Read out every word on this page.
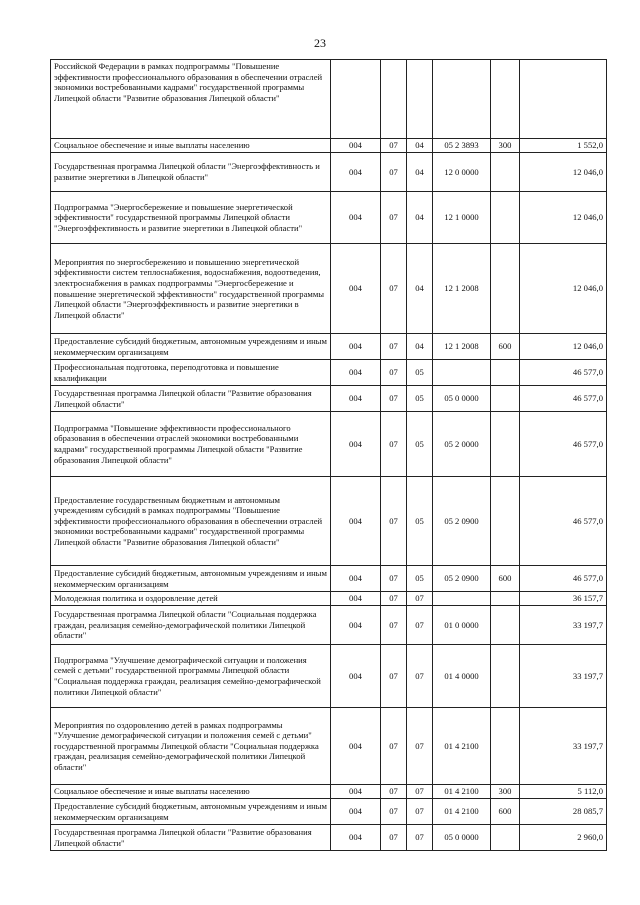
23
Российской Федерации в рамках подпрограммы "Повышение эффективности профессионального образования в обеспечении отраслей экономики востребованными кадрами" государственной программы Липецкой области "Развитие образования Липецкой области"						
Социальное обеспечение и иные выплаты населению	004	07	04	05 2 3893	300	1 552,0
Государственная программа Липецкой области "Энергоэффективность и развитие энергетики в Липецкой области"	004	07	04	12 0 0000		12 046,0
Подпрограмма "Энергосбережение и повышение энергетической эффективности" государственной программы Липецкой области "Энергоэффективность и развитие энергетики в Липецкой области"	004	07	04	12 1 0000		12 046,0
Мероприятия по энергосбережению и повышению энергетической эффективности систем теплоснабжения, водоснабжения, водоотведения, электроснабжения в рамках подпрограммы "Энергосбережение и повышение энергетической эффективности" государственной программы Липецкой области "Энергоэффективность и развитие энергетики в Липецкой области"	004	07	04	12 1 2008		12 046,0
Предоставление субсидий бюджетным, автономным учреждениям и иным некоммерческим организациям	004	07	04	12 1 2008	600	12 046,0
Профессиональная подготовка, переподготовка и повышение квалификации	004	07	05			46 577,0
Государственная программа Липецкой области "Развитие образования Липецкой области"	004	07	05	05 0 0000		46 577,0
Подпрограмма "Повышение эффективности профессионального образования в обеспечении отраслей экономики востребованными кадрами" государственной программы Липецкой области "Развитие образования Липецкой области"	004	07	05	05 2 0000		46 577,0
Предоставление государственным бюджетным и автономным учреждениям субсидий в рамках подпрограммы "Повышение эффективности профессионального образования в обеспечении отраслей экономики востребованными кадрами" государственной программы Липецкой области "Развитие образования Липецкой области"	004	07	05	05 2 0900		46 577,0
Предоставление субсидий бюджетным, автономным учреждениям и иным некоммерческим организациям	004	07	05	05 2 0900	600	46 577,0
Молодежная политика и оздоровление детей	004	07	07			36 157,7
Государственная программа Липецкой области "Социальная поддержка граждан, реализация семейно-демографической политики Липецкой области"	004	07	07	01 0 0000		33 197,7
Подпрограмма "Улучшение демографической ситуации и положения семей с детьми" государственной программы Липецкой области "Социальная поддержка граждан, реализация семейно-демографической политики Липецкой области"	004	07	07	01 4 0000		33 197,7
Мероприятия по оздоровлению детей в рамках подпрограммы "Улучшение демографической ситуации и положения семей с детьми" государственной программы Липецкой области "Социальная поддержка граждан, реализация семейно-демографической политики Липецкой области"	004	07	07	01 4 2100		33 197,7
Социальное обеспечение и иные выплаты населению	004	07	07	01 4 2100	300	5 112,0
Предоставление субсидий бюджетным, автономным учреждениям и иным некоммерческим организациям	004	07	07	01 4 2100	600	28 085,7
Государственная программа Липецкой области "Развитие образования Липецкой области"	004	07	07	05 0 0000		2 960,0
